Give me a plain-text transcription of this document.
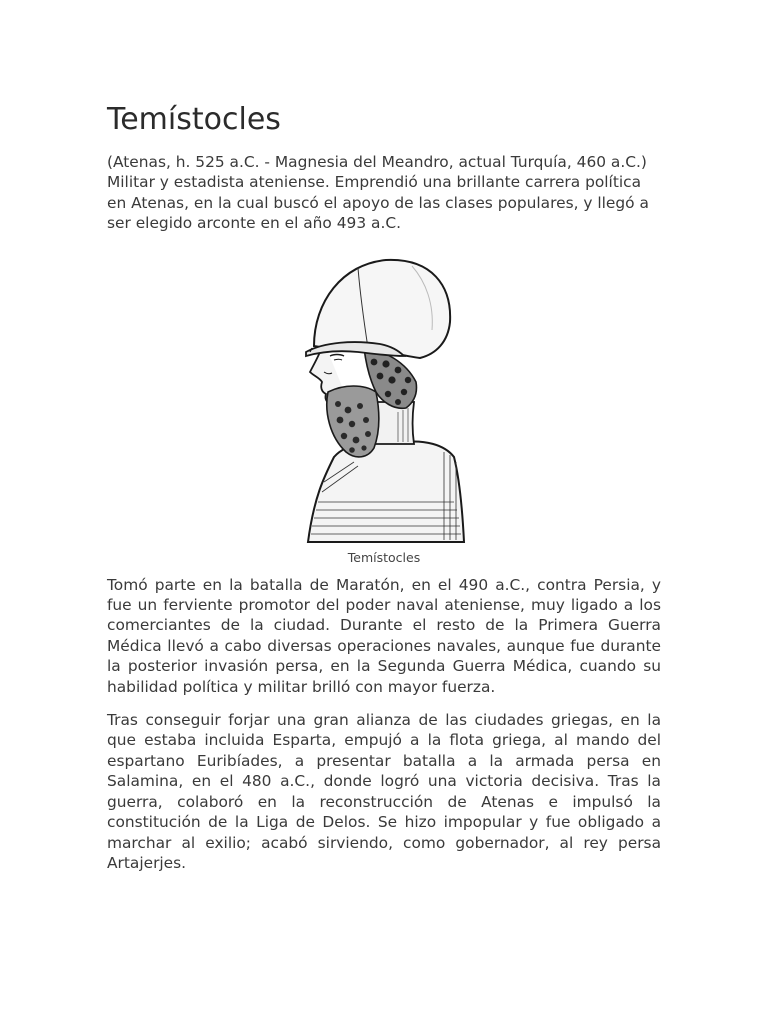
Temístocles

(Atenas, h. 525 a.C. - Magnesia del Meandro, actual Turquía, 460 a.C.) Militar y estadista ateniense. Emprendió una brillante carrera política en Atenas, en la cual buscó el apoyo de las clases populares, y llegó a ser elegido arconte en el año 493 a.C.

Temístocles

Tomó parte en la batalla de Maratón, en el 490 a.C., contra Persia, y fue un ferviente promotor del poder naval ateniense, muy ligado a los comerciantes de la ciudad. Durante el resto de la Primera Guerra Médica llevó a cabo diversas operaciones navales, aunque fue durante la posterior invasión persa, en la Segunda Guerra Médica, cuando su habilidad política y militar brilló con mayor fuerza.

Tras conseguir forjar una gran alianza de las ciudades griegas, en la que estaba incluida Esparta, empujó a la flota griega, al mando del espartano Euribíades, a presentar batalla a la armada persa en Salamina, en el 480 a.C., donde logró una victoria decisiva. Tras la guerra, colaboró en la reconstrucción de Atenas e impulsó la constitución de la Liga de Delos. Se hizo impopular y fue obligado a marchar al exilio; acabó sirviendo, como gobernador, al rey persa Artajerjes.
